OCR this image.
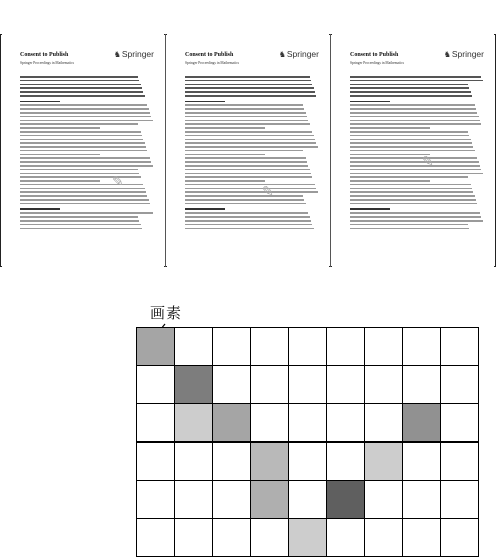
Consent to Publish
Springer Proceedings in Mathematics
♞Springer
✎
Consent to Publish
Springer Proceedings in Mathematics
♞Springer
✎
Consent to Publish
Springer Proceedings in Mathematics
♞Springer
✎
画素
